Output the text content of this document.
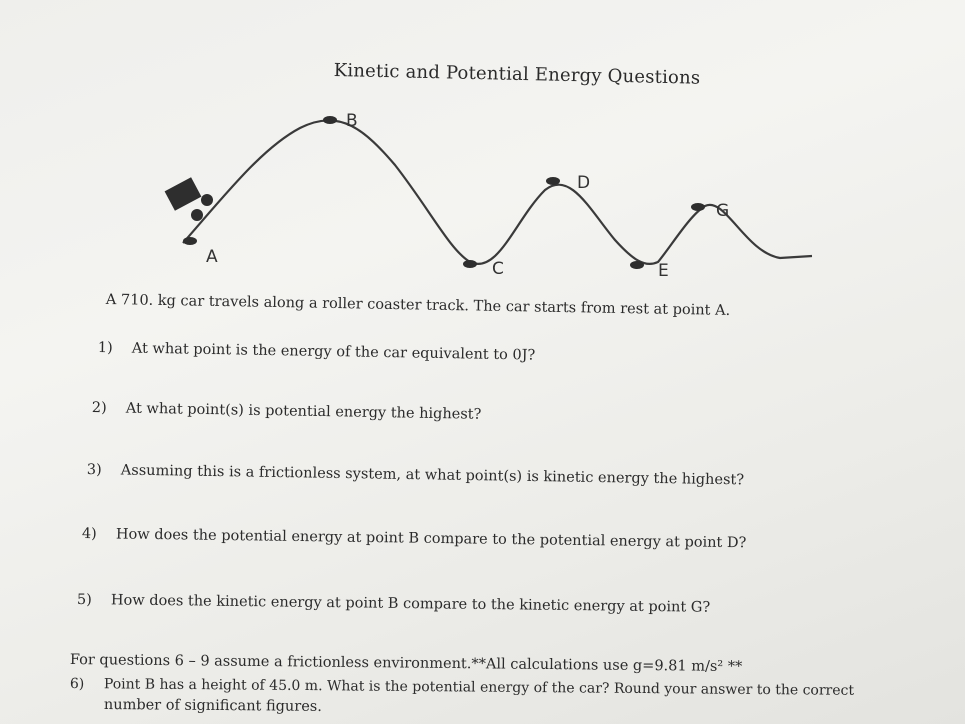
Kinetic and Potential Energy Questions
A
B
C
D
E
G
A 710. kg car travels along a roller coaster track. The car starts from rest at point A.
1) At what point is the energy of the car equivalent to 0J?
2) At what point(s) is potential energy the highest?
3) Assuming this is a frictionless system, at what point(s) is kinetic energy the highest?
4) How does the potential energy at point B compare to the potential energy at point D?
5) How does the kinetic energy at point B compare to the kinetic energy at point G?
For questions 6 – 9 assume a frictionless environment.**All calculations use g=9.81 m/s² **
6) Point B has a height of 45.0 m. What is the potential energy of the car? Round your answer to the correct
number of significant figures.
